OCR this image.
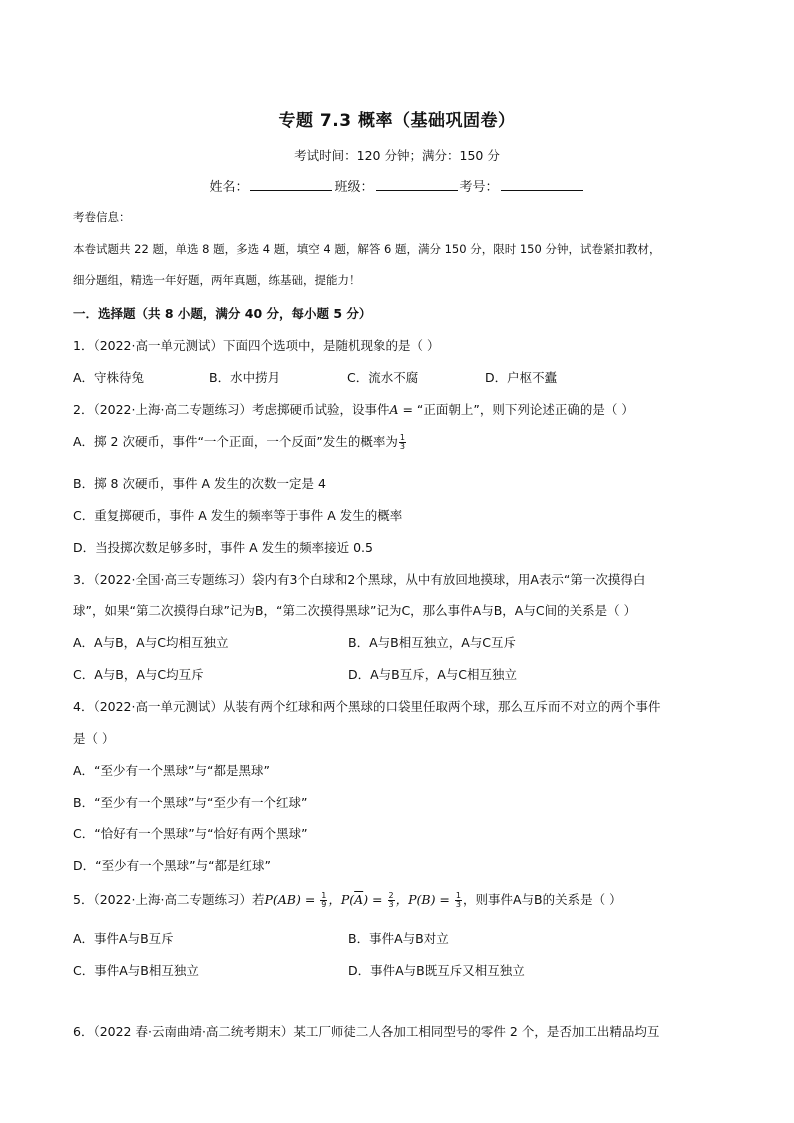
专题 7.3 概率（基础巩固卷）
考试时间：120 分钟；满分：150 分
姓名：	班级：	考号：
考卷信息：
本卷试题共 22 题，单选 8 题，多选 4 题，填空 4 题，解答 6 题，满分 150 分，限时 150 分钟，试卷紧扣教材，
细分题组，精选一年好题，两年真题，练基础，提能力！
一．选择题（共 8 小题，满分 40 分，每小题 5 分）
1．（2022·高一单元测试）下面四个选项中，是随机现象的是（ ）
A．守株待兔	B．水中捞月	C．流水不腐	D．户枢不蠹
2．（2022·上海·高二专题练习）考虑掷硬币试验，设事件A = “正面朝上”，则下列论述正确的是（ ）
A．掷 2 次硬币，事件“一个正面，一个反面”发生的概率为 $\frac{1}{3}$
B．掷 8 次硬币，事件 A 发生的次数一定是 4
C．重复掷硬币，事件 A 发生的频率等于事件 A 发生的概率
D．当投掷次数足够多时，事件 A 发生的频率接近 0.5
3．（2022·全国·高三专题练习）袋内有3个白球和2个黑球，从中有放回地摸球，用A表示“第一次摸得白
球”，如果“第二次摸得白球”记为B，“第二次摸得黑球”记为C，那么事件A与B，A与C间的关系是（ ）
A．A与B，A与C均相互独立	B．A与B相互独立，A与C互斥
C．A与B，A与C均互斥	D．A与B互斥，A与C相互独立
4．（2022·高一单元测试）从装有两个红球和两个黑球的口袋里任取两个球，那么互斥而不对立的两个事件
是（ ）
A．“至少有一个黑球”与“都是黑球”
B．“至少有一个黑球”与“至少有一个红球”
C．“恰好有一个黑球”与“恰好有两个黑球”
D．“至少有一个黑球”与“都是红球”
5．（2022·上海·高二专题练习）若$P(AB) = \frac{1}{9}$ ，$P(\overline{A}) = \frac{2}{3}$ ，$P(B) = \frac{1}{3}$ ，则事件A与B的关系是（ ）
A．事件A与B互斥	B．事件A与B对立
C．事件A与B相互独立	D．事件A与B既互斥又相互独立
6．（2022 春·云南曲靖·高二统考期末）某工厂师徒二人各加工相同型号的零件 2 个，是否加工出精品均互
